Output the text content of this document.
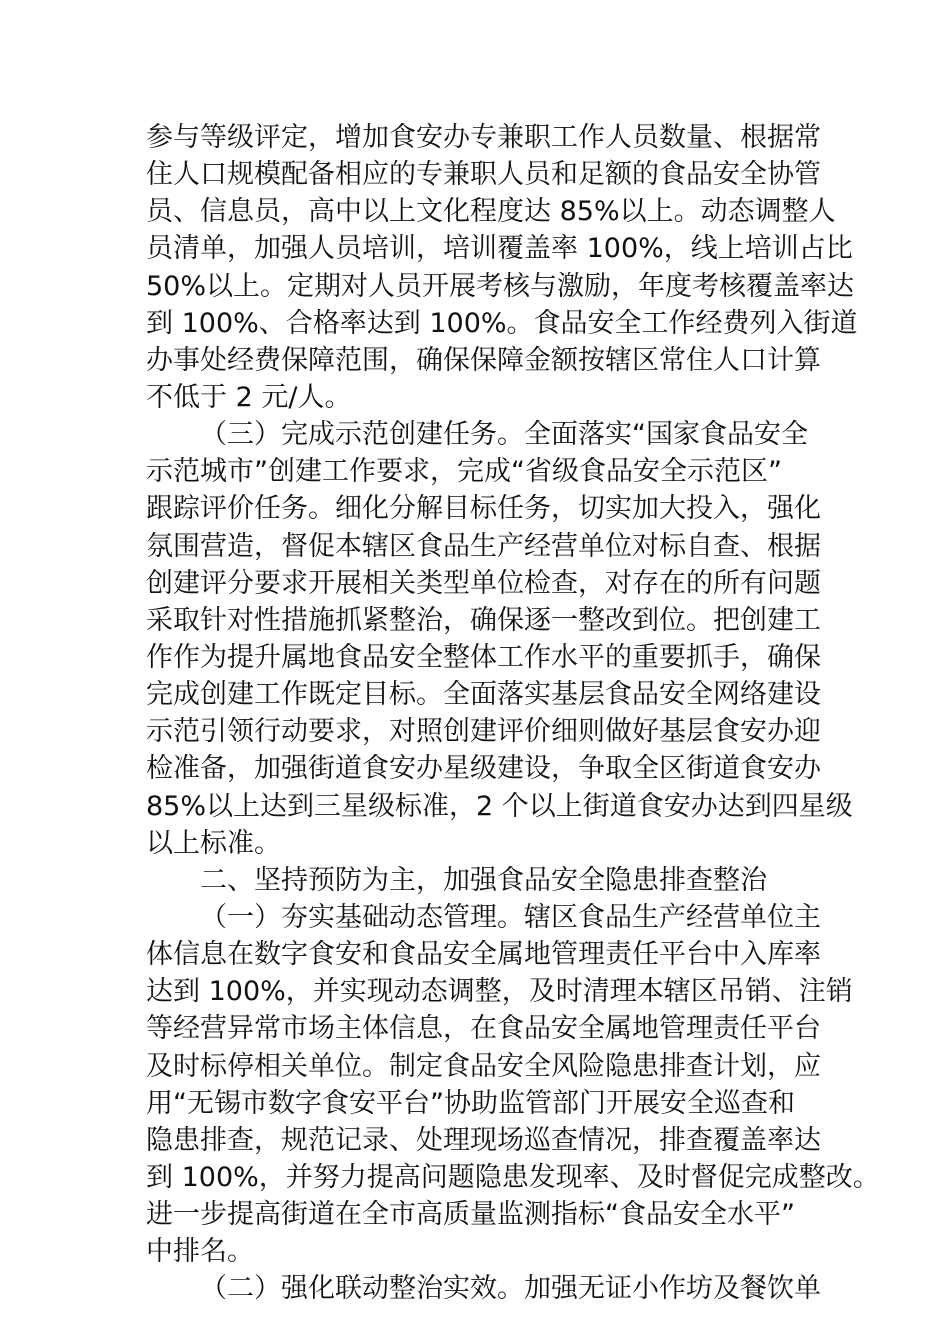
参与等级评定，增加食安办专兼职工作人员数量、根据常
住人口规模配备相应的专兼职人员和足额的食品安全协管
员、信息员，高中以上文化程度达 85%以上。动态调整人
员清单，加强人员培训，培训覆盖率 100%，线上培训占比
50%以上。定期对人员开展考核与激励，年度考核覆盖率达
到 100%、合格率达到 100%。食品安全工作经费列入街道
办事处经费保障范围，确保保障金额按辖区常住人口计算
不低于 2 元/人。
（三）完成示范创建任务。全面落实“国家食品安全
示范城市”创建工作要求，完成“省级食品安全示范区”
跟踪评价任务。细化分解目标任务，切实加大投入，强化
氛围营造，督促本辖区食品生产经营单位对标自查、根据
创建评分要求开展相关类型单位检查，对存在的所有问题
采取针对性措施抓紧整治，确保逐一整改到位。把创建工
作作为提升属地食品安全整体工作水平的重要抓手，确保
完成创建工作既定目标。全面落实基层食品安全网络建设
示范引领行动要求，对照创建评价细则做好基层食安办迎
检准备，加强街道食安办星级建设，争取全区街道食安办
85%以上达到三星级标准，2 个以上街道食安办达到四星级
以上标准。
二、坚持预防为主，加强食品安全隐患排查整治
（一）夯实基础动态管理。辖区食品生产经营单位主
体信息在数字食安和食品安全属地管理责任平台中入库率
达到 100%，并实现动态调整，及时清理本辖区吊销、注销
等经营异常市场主体信息，在食品安全属地管理责任平台
及时标停相关单位。制定食品安全风险隐患排查计划，应
用“无锡市数字食安平台”协助监管部门开展安全巡查和
隐患排查，规范记录、处理现场巡查情况，排查覆盖率达
到 100%，并努力提高问题隐患发现率、及时督促完成整改。
进一步提高街道在全市高质量监测指标“食品安全水平”
中排名。
（二）强化联动整治实效。加强无证小作坊及餐饮单
